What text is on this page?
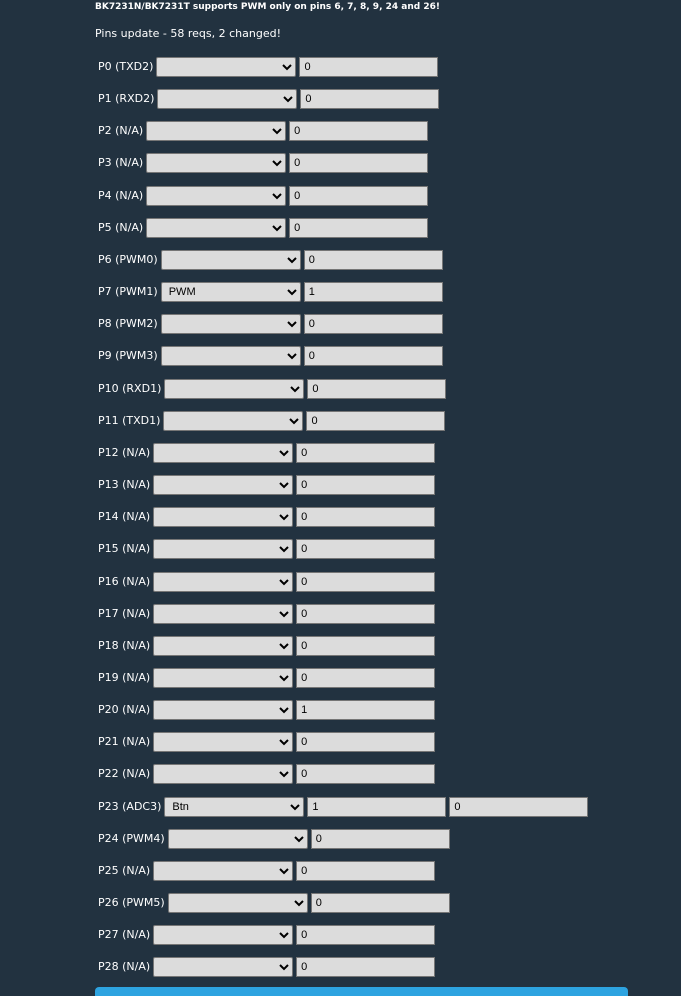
BK7231N/BK7231T supports PWM only on pins 6, 7, 8, 9, 24 and 26!
Pins update - 58 reqs, 2 changed!
P0 (TXD2)
0
P1 (RXD2)
0
P2 (N/A)
0
P3 (N/A)
0
P4 (N/A)
0
P5 (N/A)
0
P6 (PWM0)
0
P7 (PWM1)
PWM
1
P8 (PWM2)
0
P9 (PWM3)
0
P10 (RXD1)
0
P11 (TXD1)
0
P12 (N/A)
0
P13 (N/A)
0
P14 (N/A)
0
P15 (N/A)
0
P16 (N/A)
0
P17 (N/A)
0
P18 (N/A)
0
P19 (N/A)
0
P20 (N/A)
1
P21 (N/A)
0
P22 (N/A)
0
P23 (ADC3)
Btn
1
0
P24 (PWM4)
0
P25 (N/A)
0
P26 (PWM5)
0
P27 (N/A)
0
P28 (N/A)
0
